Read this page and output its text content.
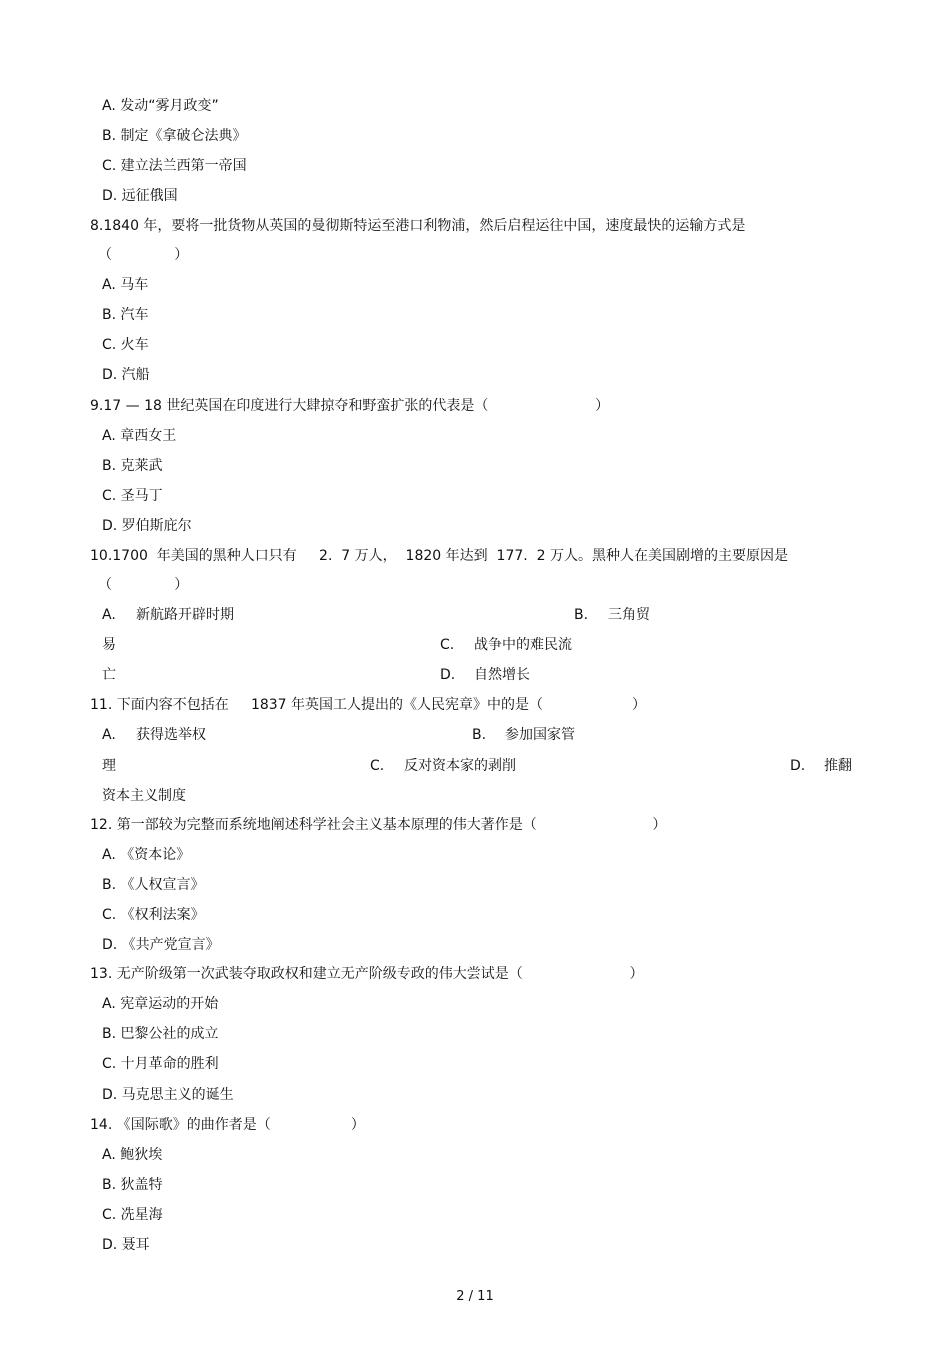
A. 发动“雾月政变”
B. 制定《拿破仑法典》
C. 建立法兰西第一帝国
D. 远征俄国
8.1840 年，要将一批货物从英国的曼彻斯特运至港口利物浦，然后启程运往中国，速度最快的运输方式是
（              ）
A. 马车
B. 汽车
C. 火车
D. 汽船
9.17 — 18 世纪英国在印度进行大肆掠夺和野蛮扩张的代表是（                        ）
A. 章西女王
B. 克莱武
C. 圣马丁
D. 罗伯斯庇尔
10.1700  年美国的黑种人口只有     2.  7 万人，  1820 年达到  177.  2 万人。黑种人在美国剧增的主要原因是
（              ）
A. 新航路开辟时期	B. 三角贸
易	C. 战争中的难民流
亡	D. 自然增长
11. 下面内容不包括在     1837 年英国工人提出的《人民宪章》中的是（                    ）
A. 获得选举权	B. 参加国家管
理	C. 反对资本家的剥削	D. 推翻
资本主义制度
12. 第一部较为完整而系统地阐述科学社会主义基本原理的伟大著作是（                          ）
A. 《资本论》
B. 《人权宣言》
C. 《权利法案》
D. 《共产党宣言》
13. 无产阶级第一次武装夺取政权和建立无产阶级专政的伟大尝试是（                        ）
A. 宪章运动的开始
B. 巴黎公社的成立
C. 十月革命的胜利
D. 马克思主义的诞生
14. 《国际歌》的曲作者是（                  ）
A. 鲍狄埃
B. 狄盖特
C. 冼星海
D. 聂耳
2 / 11
